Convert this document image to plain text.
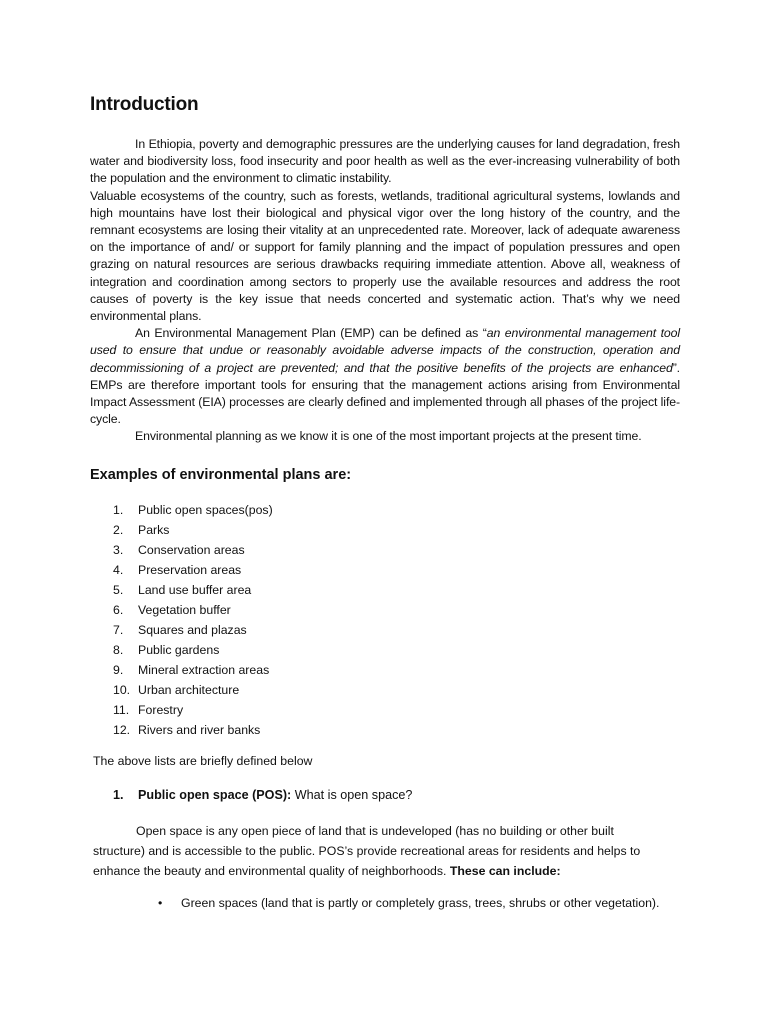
Introduction

In Ethiopia, poverty and demographic pressures are the underlying causes for land degradation, fresh water and biodiversity loss, food insecurity and poor health as well as the ever-increasing vulnerability of both the population and the environment to climatic instability.

Valuable ecosystems of the country, such as forests, wetlands, traditional agricultural systems, lowlands and high mountains have lost their biological and physical vigor over the long history of the country, and the remnant ecosystems are losing their vitality at an unprecedented rate. Moreover, lack of adequate awareness on the importance of and/ or support for family planning and the impact of population pressures and open grazing on natural resources are serious drawbacks requiring immediate attention. Above all, weakness of integration and coordination among sectors to properly use the available resources and address the root causes of poverty is the key issue that needs concerted and systematic action. That’s why we need environmental plans.

An Environmental Management Plan (EMP) can be defined as “an environmental management tool used to ensure that undue or reasonably avoidable adverse impacts of the construction, operation and decommissioning of a project are prevented; and that the positive benefits of the projects are enhanced”. EMPs are therefore important tools for ensuring that the management actions arising from Environmental Impact Assessment (EIA) processes are clearly defined and implemented through all phases of the project life-cycle.

Environmental planning as we know it is one of the most important projects at the present time.

Examples of environmental plans are:
1. Public open spaces(pos)
2. Parks
3. Conservation areas
4. Preservation areas
5. Land use buffer area
6. Vegetation buffer
7. Squares and plazas
8. Public gardens
9. Mineral extraction areas
10. Urban architecture
11. Forestry
12. Rivers and river banks

The above lists are briefly defined below

1. Public open space (POS): What is open space?

Open space is any open piece of land that is undeveloped (has no building or other built structure) and is accessible to the public. POS’s provide recreational areas for residents and helps to enhance the beauty and environmental quality of neighborhoods. These can include:

• Green spaces (land that is partly or completely grass, trees, shrubs or other vegetation).
